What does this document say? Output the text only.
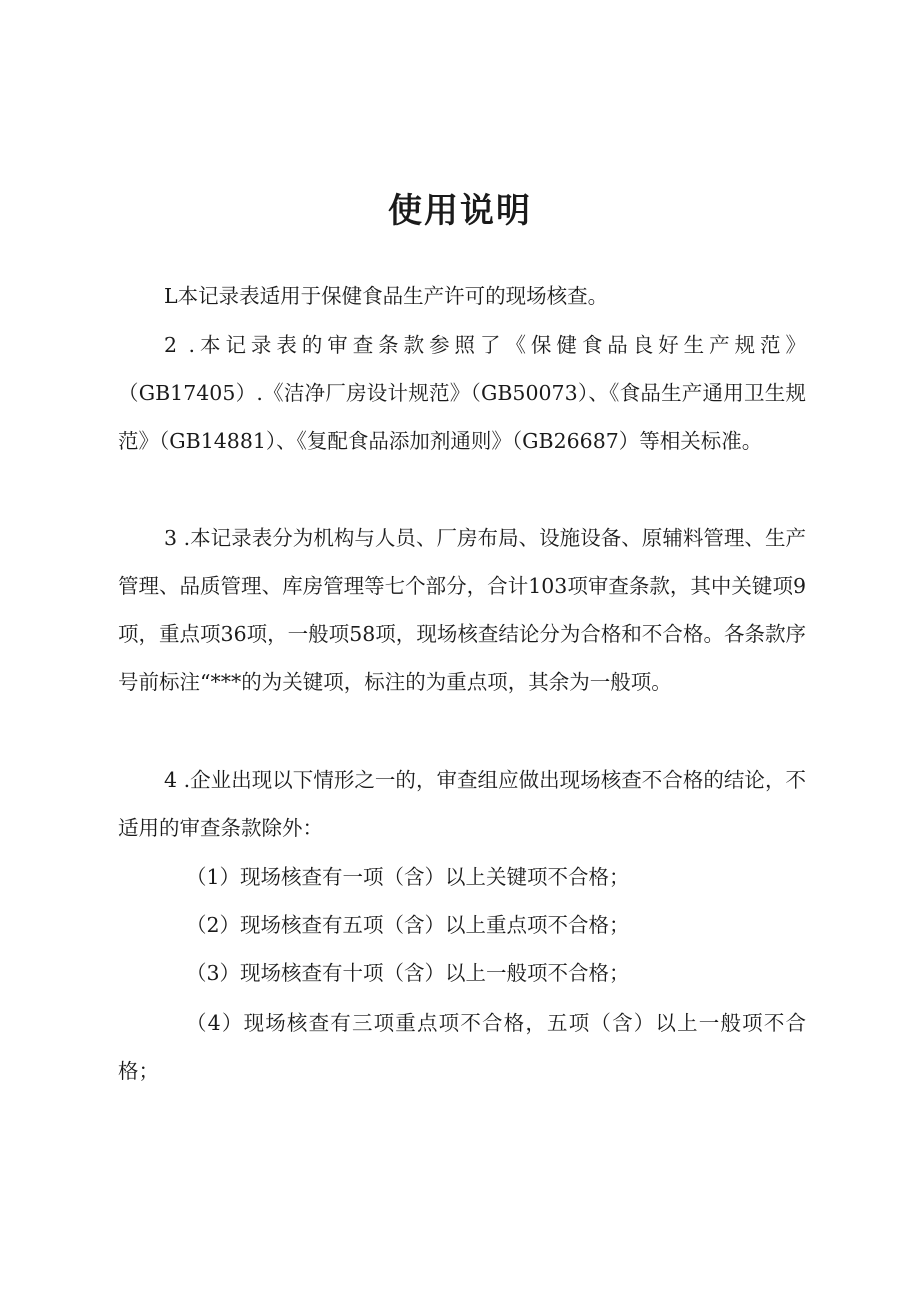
使用说明

L本记录表适用于保健食品生产许可的现场核查。

2 .本记录表的审查条款参照了《保健食品良好生产规范》（GB17405）.《洁净厂房设计规范》（GB50073）、《食品生产通用卫生规范》（GB14881）、《复配食品添加剂通则》（GB26687）等相关标准。

3 .本记录表分为机构与人员、厂房布局、设施设备、原辅料管理、生产管理、品质管理、库房管理等七个部分，合计103项审查条款，其中关键项9项，重点项36项，一般项58项，现场核查结论分为合格和不合格。各条款序号前标注“***的为关键项，标注的为重点项，其余为一般项。

4 .企业出现以下情形之一的，审查组应做出现场核查不合格的结论，不适用的审查条款除外：

（1）现场核查有一项（含）以上关键项不合格；

（2）现场核查有五项（含）以上重点项不合格；

（3）现场核查有十项（含）以上一般项不合格；

（4）现场核查有三项重点项不合格，五项（含）以上一般项不合格；
